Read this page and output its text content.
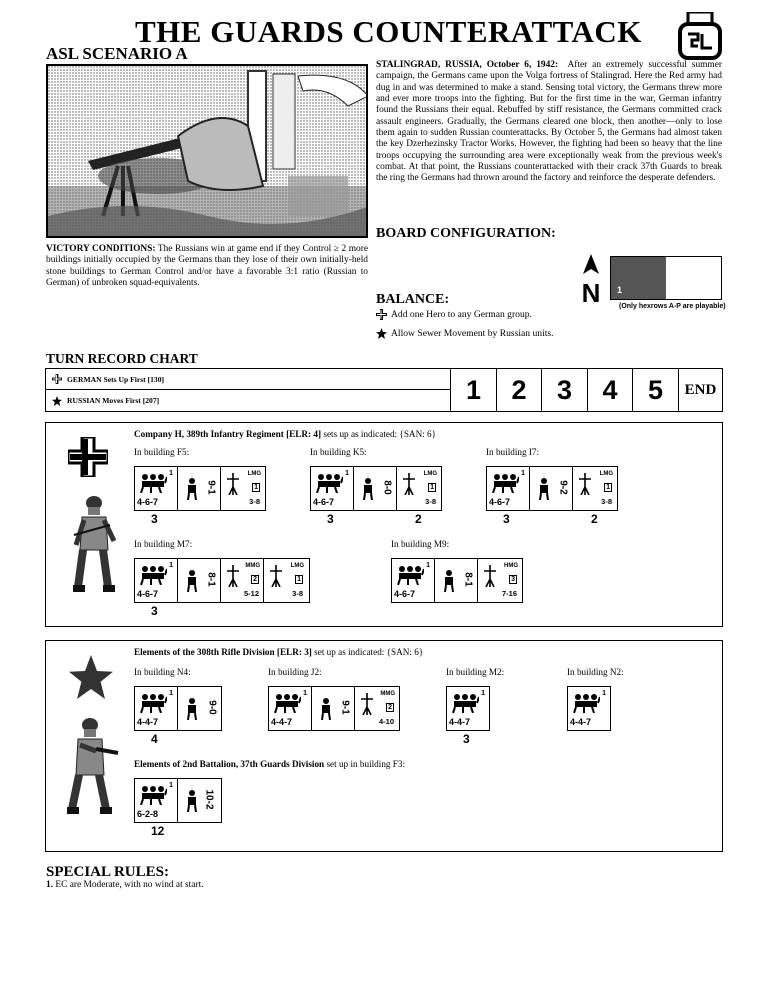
THE GUARDS COUNTERATTACK
ASL SCENARIO A
STALINGRAD, RUSSIA, October 6, 1942: After an extremely successful summer campaign, the Germans came upon the Volga fortress of Stalingrad. Here the Red army had dug in and was determined to make a stand. Sensing total victory, the Germans threw more and ever more troops into the fighting. But for the first time in the war, German infantry found the Russians their equal. Rebuffed by stiff resistance, the Germans committed crack assault engineers. Gradually, the Germans cleared one block, then another—only to lose them again to sudden Russian counterattacks. By October 5, the Germans had almost taken the key Dzerhezinsky Tractor Works. However, the fighting had been so heavy that the line troops occupying the surrounding area were exceptionally weak from the previous week's combat. At that point, the Russians counterattacked with their crack 37th Guards to break the ring the Germans had thrown around the factory and reinforce the desperate defenders.
BOARD CONFIGURATION:
N	1
(Only hexrows A-P are playable)
BALANCE:
Add one Hero to any German group.
Allow Sewer Movement by Russian units.
VICTORY CONDITIONS: The Russians win at game end if they Control ≥ 2 more buildings initially occupied by the Germans than they lose of their own initially-held stone buildings to German Control and/or have a favorable 3:1 ratio (Russian to German) of unbroken squad-equivalents.
TURN RECORD CHART
GERMAN Sets Up First [130]
RUSSIAN Moves First [207]	1	2	3	4	5	END
Company H, 389th Infantry Regiment [ELR: 4] sets up as indicated: {SAN: 6}
In building F5:
1
4-6-7
9-1
LMG
1
3-8
3
In building K5:
1
4-6-7
8-0
LMG
1
3-8
3	2
In building I7:
1
4-6-7
9-2
LMG
1
3-8
3	2
In building M7:
1
4-6-7
8-1
MMG
2
5-12
LMG
1
3-8
3
In building M9:
1
4-6-7
8-1
HMG
3
7-16
Elements of the 308th Rifle Division [ELR: 3] set up as indicated: {SAN: 6}
In building N4:
1
4-4-7
9-0
4
In building J2:
1
4-4-7
9-1
MMG
2
4-10
In building M2:
1
4-4-7
3
In building N2:
1
4-4-7
Elements of 2nd Battalion, 37th Guards Division set up in building F3:
1
6-2-8
10-2
12
SPECIAL RULES:
1. EC are Moderate, with no wind at start.
